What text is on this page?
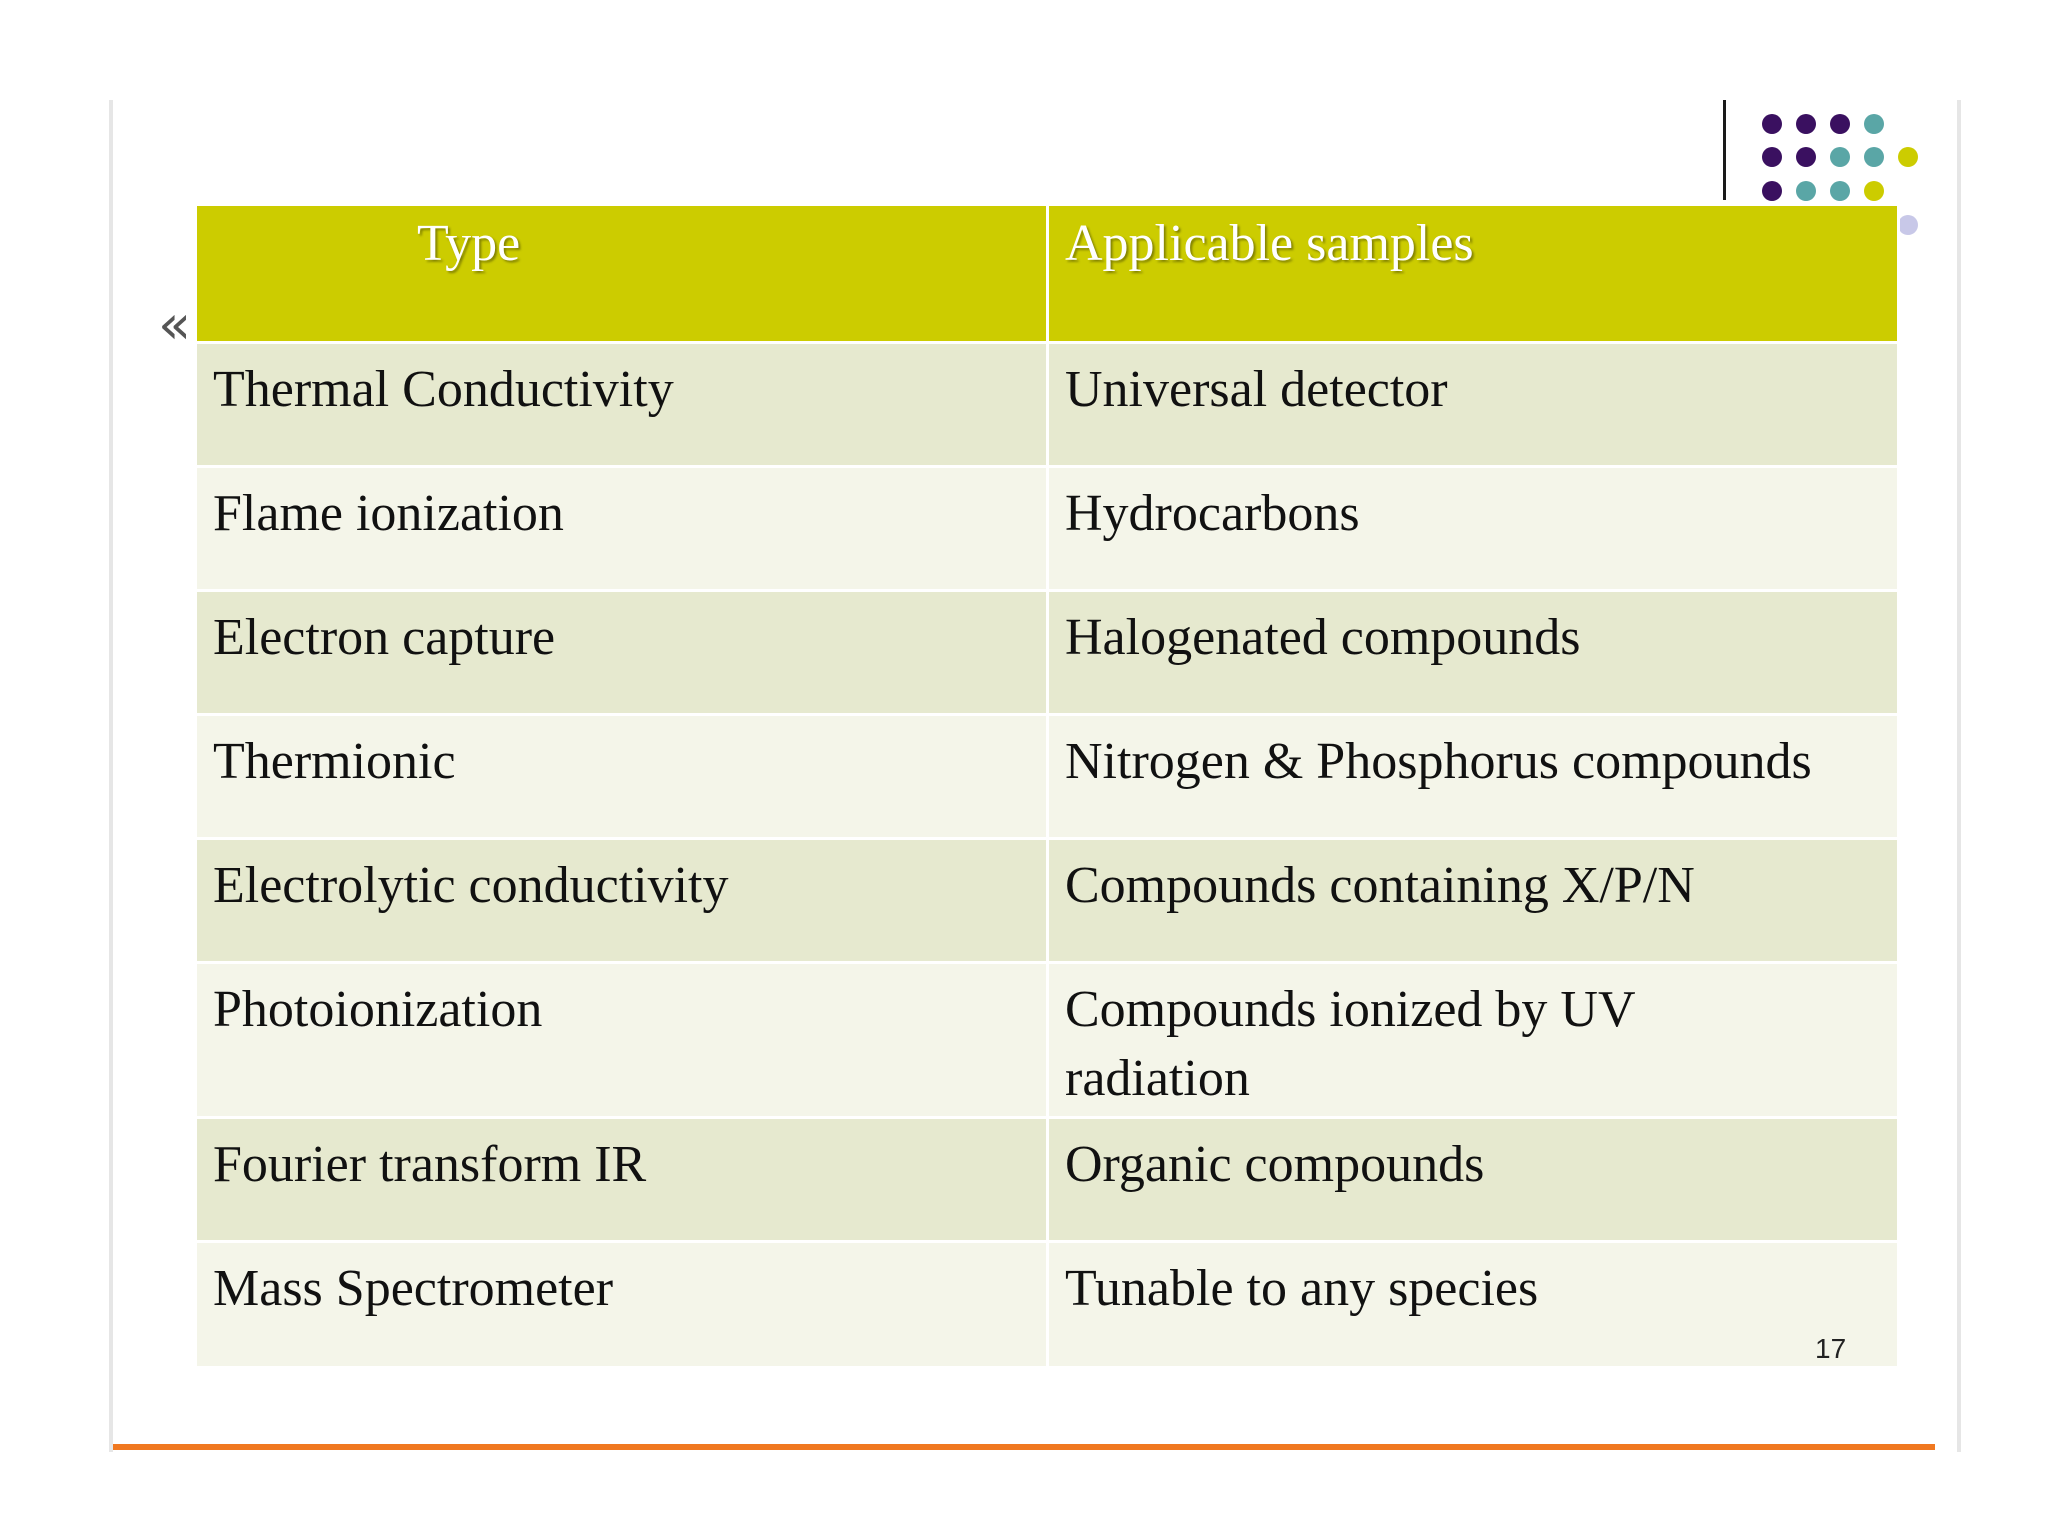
«
Type	Applicable samples
Thermal Conductivity	Universal detector
Flame ionization	Hydrocarbons
Electron capture	Halogenated compounds
Thermionic	Nitrogen & Phosphorus compounds
Electrolytic conductivity	Compounds containing X/P/N
Photoionization	Compounds ionized by UV radiation
Fourier transform IR	Organic compounds
Mass Spectrometer	Tunable to any species
17
